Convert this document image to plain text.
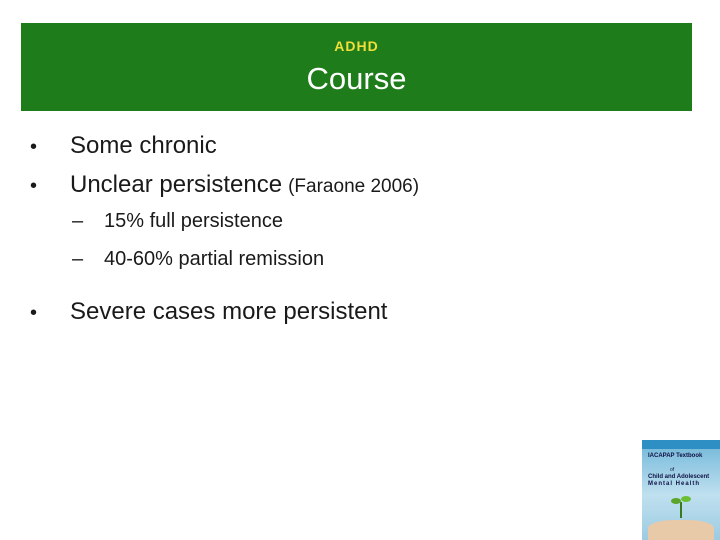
ADHD
Course
•	Some chronic
•	Unclear persistence (Faraone 2006)
–	15% full persistence
–	40-60% partial remission
•	Severe cases more persistent
IACAPAP Textbook
of
Child and Adolescent
Mental Health
